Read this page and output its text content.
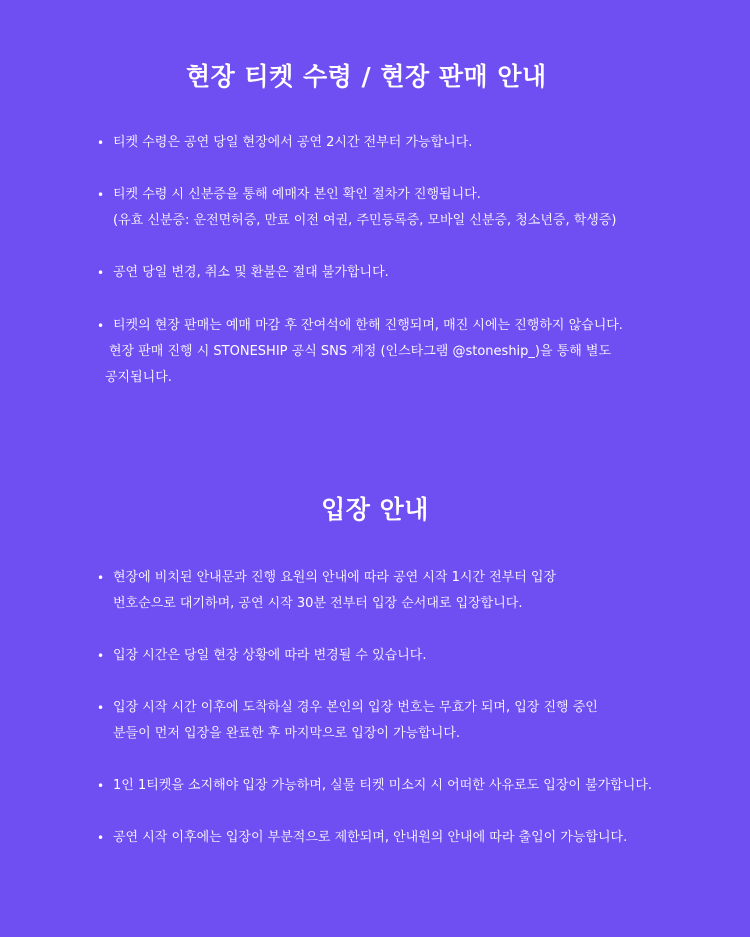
현장 티켓 수령 / 현장 판매 안내
• 티켓 수령은 공연 당일 현장에서 공연 2시간 전부터 가능합니다.
• 티켓 수령 시 신분증을 통해 예매자 본인 확인 절차가 진행됩니다.
(유효 신분증: 운전면허증, 만료 이전 여권, 주민등록증, 모바일 신분증, 청소년증, 학생증)
• 공연 당일 변경, 취소 및 환불은 절대 불가합니다.
• 티켓의 현장 판매는 예매 마감 후 잔여석에 한해 진행되며, 매진 시에는 진행하지 않습니다.
현장 판매 진행 시 STONESHIP 공식 SNS 계정 (인스타그램 @stoneship_)을 통해 별도
공지됩니다.
입장 안내
• 현장에 비치된 안내문과 진행 요원의 안내에 따라 공연 시작 1시간 전부터 입장
번호순으로 대기하며, 공연 시작 30분 전부터 입장 순서대로 입장합니다.
• 입장 시간은 당일 현장 상황에 따라 변경될 수 있습니다.
• 입장 시작 시간 이후에 도착하실 경우 본인의 입장 번호는 무효가 되며, 입장 진행 중인
분들이 먼저 입장을 완료한 후 마지막으로 입장이 가능합니다.
• 1인 1티켓을 소지해야 입장 가능하며, 실물 티켓 미소지 시 어떠한 사유로도 입장이 불가합니다.
• 공연 시작 이후에는 입장이 부분적으로 제한되며, 안내원의 안내에 따라 출입이 가능합니다.
